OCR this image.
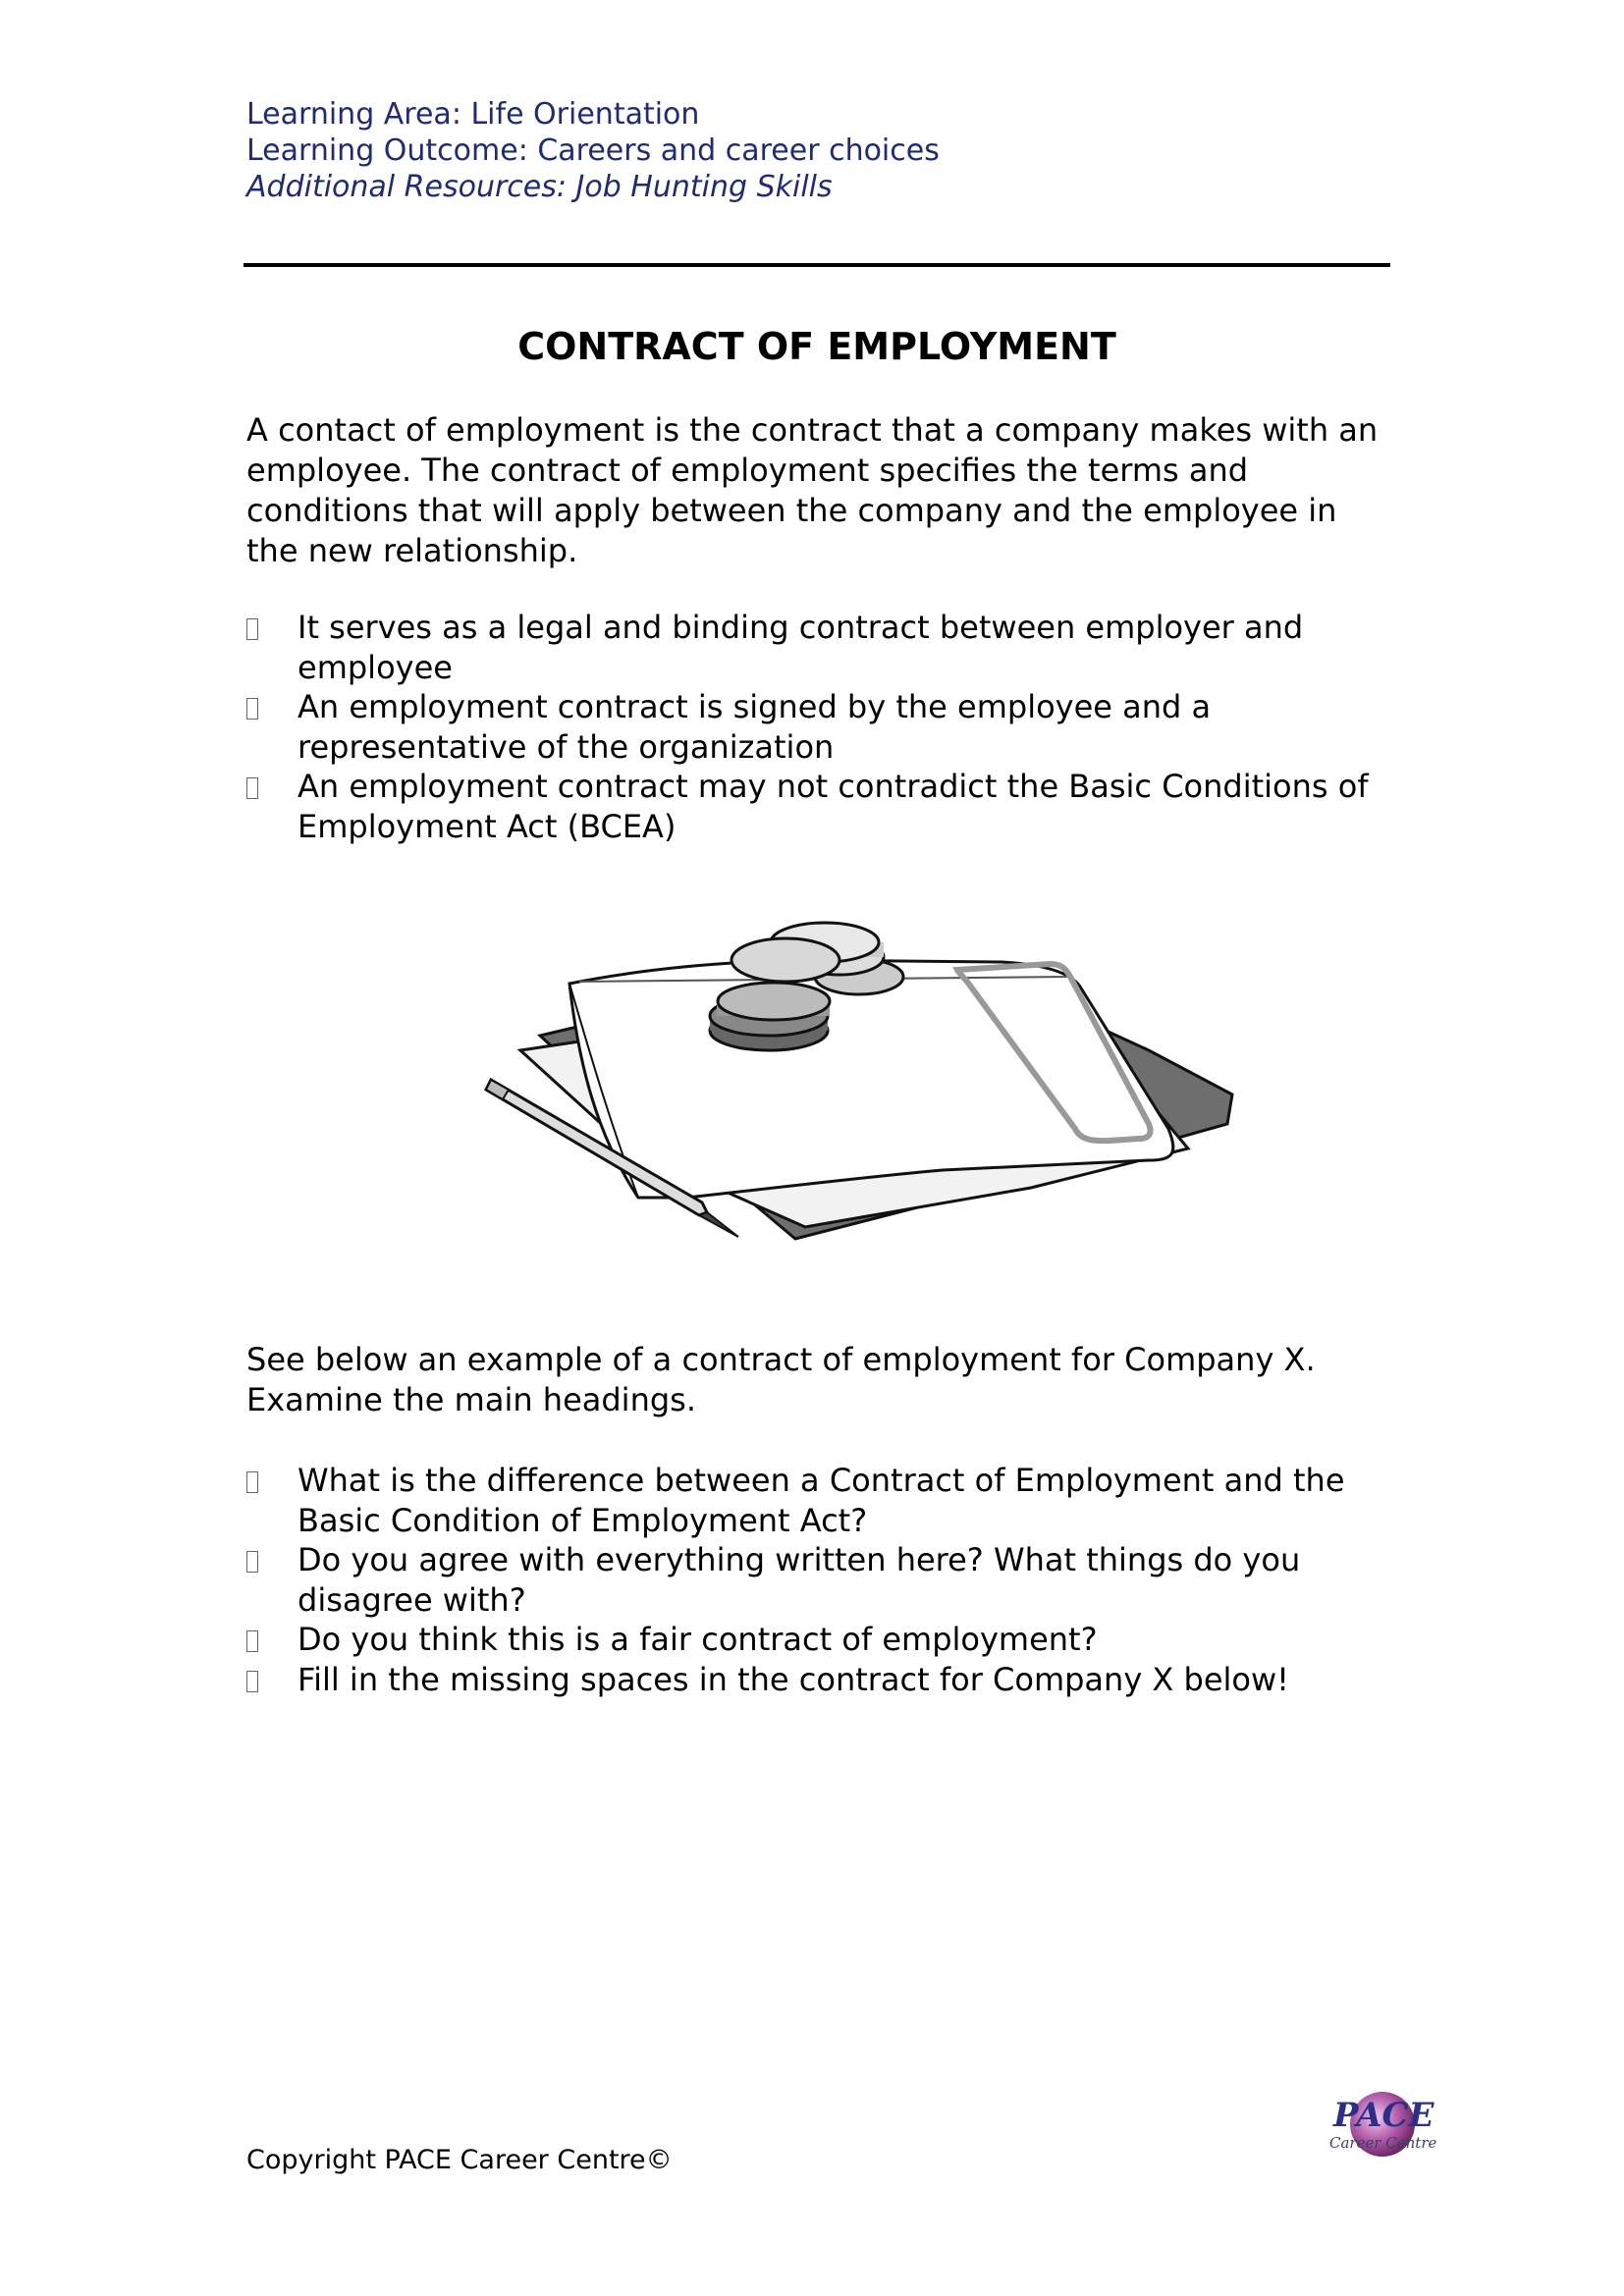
Learning Area: Life Orientation
Learning Outcome: Careers and career choices
Additional Resources: Job Hunting Skills
CONTRACT OF EMPLOYMENT
A contact of employment is the contract that a company makes with an employee. The contract of employment specifies the terms and conditions that will apply between the company and the employee in the new relationship.
It serves as a legal and binding contract between employer and employee
An employment contract is signed by the employee and a representative of the organization
An employment contract may not contradict the Basic Conditions of Employment Act (BCEA)
See below an example of a contract of employment for Company X. Examine the main headings.
What is the difference between a Contract of Employment and the Basic Condition of Employment Act?
Do you agree with everything written here? What things do you disagree with?
Do you think this is a fair contract of employment?
Fill in the missing spaces in the contract for Company X below!
Copyright PACE Career Centre©
PACE
Career Centre
